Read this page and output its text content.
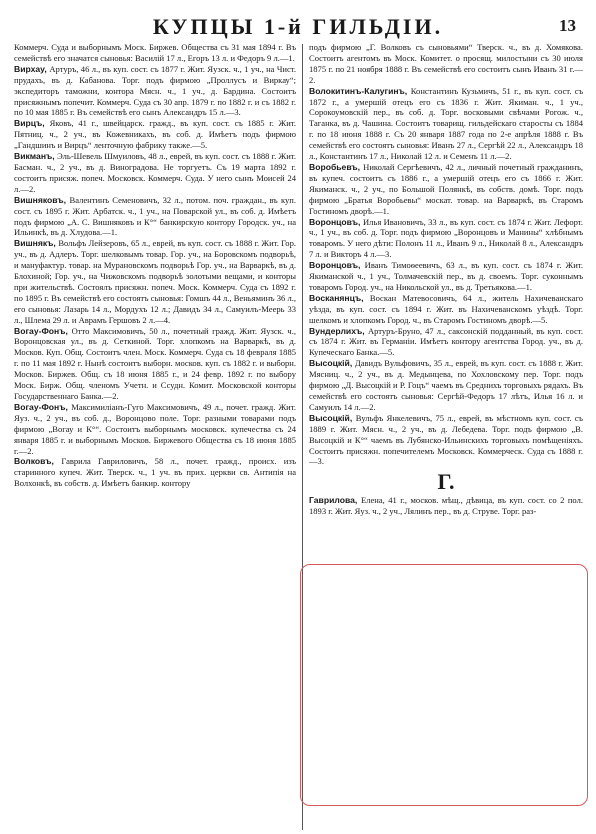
КУПЦЫ 1-й ГИЛЬДІИ.	13

Коммерч. Суда и выборнымъ Моск. Биржев. Общества съ 31 мая 1894 г. Въ семействѣ его значатся сыновья: Василій 17 л., Егоръ 13 л. и Федоръ 9 л.—1.

Вирхау, Артуръ, 46 л., въ куп. сост. съ 1877 г. Жит. Яузск. ч., 1 уч., на Чист. прудахъ, въ д. Кабанова. Торг. подъ фирмою „Проллусъ и Виркау“; экспедиторъ таможни, контора Мясн. ч., 1 уч., д. Бардина. Состоитъ присяжнымъ попечит. Коммерч. Суда съ 30 апр. 1879 г. по 1882 г. и съ 1882 г. по 10 мая 1885 г. Въ семействѣ его сынъ Александръ 15 л.—3.

Вирцъ, Яковъ, 41 г., швейцарск. гражд., въ куп. сост. съ 1885 г. Жит. Пятниц. ч., 2 уч., въ Кожевникахъ, въ соб. д. Имѣетъ подъ фирмою „Гандшинъ и Вирцъ“ ленточную фабрику также.—5.

Викманъ, Эль-Шевель Шмуиловъ, 48 л., еврей, въ куп. сост. съ 1888 г. Жит. Басман. ч., 2 уч., въ д. Виноградова. Не торгуетъ. Съ 19 марта 1892 г. состоитъ присяж. попеч. Московск. Коммерч. Суда. У него сынъ Моисей 24 л.—2.

Вишняковъ, Валентинъ Семеновичъ, 32 л., потом. поч. граждан., въ куп. сост. съ 1895 г. Жит. Арбатск. ч., 1 уч., на Поварской ул., въ соб. д. Имѣетъ подъ фирмою „А. С. Вишняковъ и К°“ банкирскую контору Городск. уч., на Ильинкѣ, въ д. Хлудова.—1.

Вишнякъ, Вольфъ Лейзеровъ, 65 л., еврей, въ куп. сост. съ 1888 г. Жит. Гор. уч., въ д. Адлеръ. Торг. шелковымъ товар. Гор. уч., на Боровскомъ подворьѣ, и мануфактур. товар. на Мурановскомъ подворьѣ Гор. уч., на Варваркѣ, въ д. Блохиной; Гор. уч., на Чижовскомъ подворьѣ золотыми вещами, и конторы при жительствѣ. Состоялъ присяжн. попеч. Моск. Коммерч. Суда съ 1892 г. по 1895 г. Въ семействѣ его состоятъ сыновья: Гомшъ 44 л., Веньяминъ 36 л., его сыновья: Лазарь 14 л., Мордухъ 12 л.; Давидъ 34 л., Самуилъ-Меерь 33 л., Шлема 29 л. и Аврамъ Гершовъ 2 л.—4.

Вогау-Фонъ, Отто Максимовичъ, 50 л., почетный гражд. Жит. Яузск. ч., Воронцовская ул., въ д. Сеткиной. Торг. хлопкомъ на Варваркѣ, въ д. Москов. Куп. Общ. Состоитъ член. Моск. Коммерч. Суда съ 18 февраля 1885 г. по 11 мая 1892 г. Нынѣ состоитъ выборн. москов. куп. съ 1882 г. и выборн. Москов. Биржев. Общ. съ 18 июня 1885 г., и 24 февр. 1892 г. по выбору Моск. Бирж. Общ. членомъ Учетн. и Ссудн. Комит. Московской конторы Государственнаго Банка.—2.

Вогау-Фонъ, Максимиліанъ-Гуго Максимовичъ, 49 л., почет. гражд. Жит. Яуз. ч., 2 уч., въ соб. д., Воронцово поле. Торг. разными товарами подъ фирмою „Вогау и К°“. Состоитъ выборнымъ московск. купечества съ 24 января 1885 г. и выборнымъ Москов. Биржевого Общества съ 18 июня 1885 г.—2.

Волковъ, Гаврила Гавриловичъ, 58 л., почет. гражд., происх. изъ старинного купеч. Жит. Тверск. ч., 1 уч. въ прих. церкви св. Антипія на Волхонкѣ, въ собств. д. Имѣетъ банкир. контору

подъ фирмою „Г. Волковъ съ сыновьями“ Тверск. ч., въ д. Хомякова. Состоитъ агентомъ въ Моск. Комитет. о просящ. милостыни съ 30 июля 1875 г. по 21 ноября 1888 г. Въ семействѣ его состоитъ сынъ Иванъ 31 г.—2.

Волокитинъ-Калугинъ, Константинъ Кузьмичъ, 51 г., въ куп. сост. съ 1872 г., а умершій отецъ его съ 1836 г. Жит. Якиман. ч., 1 уч., Сорокоумовскій пер., въ соб. д. Торг. восковыми свѣчами Рогож. ч., Таганка, въ д. Чашина. Состоитъ товарищ. гильдейскаго старосты съ 1884 г. по 18 июня 1888 г. Съ 20 января 1887 года по 2-е апрѣля 1888 г. Въ семействѣ его состоятъ сыновья: Иванъ 27 л., Сергѣй 22 л., Александръ 18 л., Константинъ 17 л., Николай 12 л. и Семенъ 11 л.—2.

Воробьевъ, Николай Сергѣевичъ, 42 л., личный почетный гражданинъ, въ купеч. состоитъ съ 1886 г., а умершій отецъ его съ 1866 г. Жит. Якиманск. ч., 2 уч., по Большой Полянкѣ, въ собств. домѣ. Торг. подъ фирмою „Братья Воробьевы“ москат. товар. на Варваркѣ, въ Старомъ Гостиномъ дворѣ.—1.

Воронцовъ, Илья Ивановичъ, 33 л., въ куп. сост. съ 1874 г. Жит. Лефорт. ч., 1 уч., въ соб. д. Торг. подъ фирмою „Воронцовъ и Манины“ хлѣбнымъ товаромъ. У него дѣти: Полонъ 11 л., Иванъ 9 л., Николай 8 л., Александръ 7 л. и Викторъ 4 л.—3.

Воронцовъ, Иванъ Тимоѳеевичъ, 63 л., въ куп. сост. съ 1874 г. Жит. Якиманской ч., 1 уч., Толмачевскій пер., въ д. своемъ. Торг. суконнымъ товаромъ Город. уч., на Никольской ул., въ д. Третьякова.—1.

Восканянцъ, Воскан Матевосовичъ, 64 л., житель Нахичеванскаго уѣзда, въ куп. сост. съ 1894 г. Жит. въ Нахичеванскомъ уѣздѣ. Торг. шелкомъ и хлопкомъ Город. ч., въ Старомъ Гостиномъ дворѣ.—5.

Вундерлихъ, Артуръ-Бруно, 47 л., саксонскій подданный, въ куп. сост. съ 1874 г. Жит. въ Германіи. Имѣетъ контору агентства Город. уч., въ д. Купеческаго Банка.—5.

Высоцкій, Давидъ Вульфовичъ, 35 л., еврей, въ куп. сост. съ 1888 г. Жит. Мясниц. ч., 2 уч., въ д. Медынцева, по Хохловскому пер. Торг. подъ фирмою „Д. Высоцкій и Р. Гоцъ“ чаемъ въ Среднихъ торговыхъ рядахъ. Въ семействѣ его состоятъ сыновья: Сергѣй-Федоръ 17 лѣтъ, Илья 16 л. и Самуилъ 14 л.—2.

Высоцкій, Вульфъ Янкелевичъ, 75 л., еврей, въ мѣстномъ куп. сост. съ 1889 г. Жит. Мясн. ч., 2 уч., въ д. Лебедева. Торг. подъ фирмою „В. Высоцкій и К°“ чаемъ въ Лубянско-Ильинскихъ торговыхъ помѣщеніяхъ. Состоитъ присяжн. попечителемъ Московск. Коммерческ. Суда съ 1888 г.—3.

Г.

Гаврилова, Елена, 41 г., москов. мѣщ., дѣвица, въ куп. сост. со 2 пол. 1893 г. Жит. Яуз. ч., 2 уч., Лялинъ пер., въ д. Струве. Торг. раз-
